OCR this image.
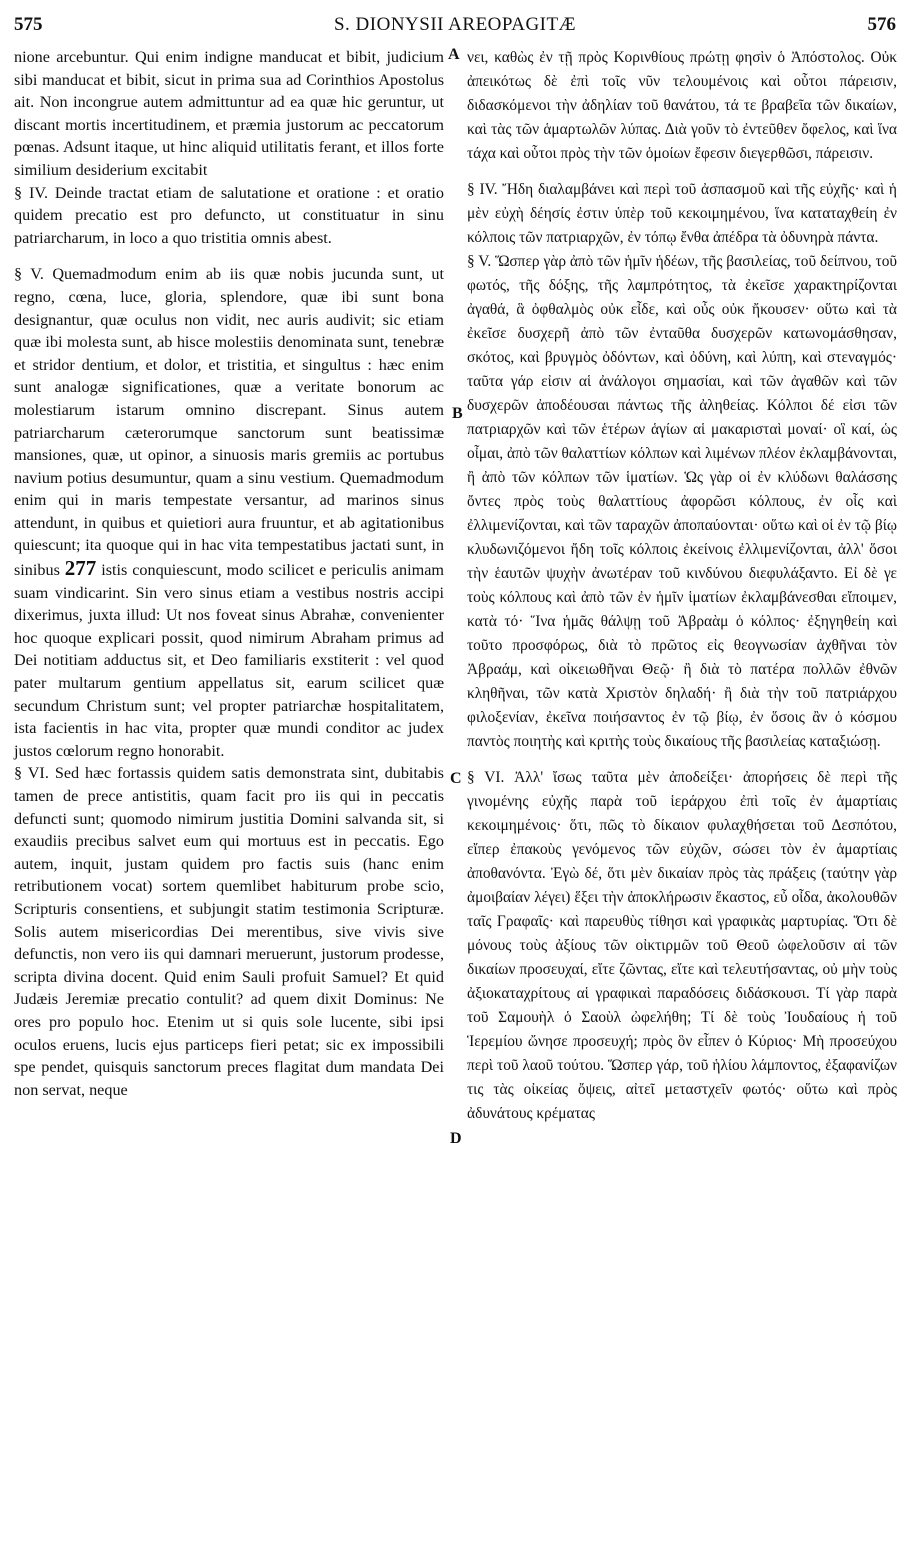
575	S. DIONYSII AREOPAGITÆ	576

nione arcebuntur. Qui enim indigne manducat et bibit, judicium sibi manducat et bibit, sicut in prima sua ad Corinthios Apostolus ait. Non incongrue autem admittuntur ad ea quæ hic geruntur, ut discant mortis incertitudinem, et præmia justorum ac peccatorum pœnas. Adsunt itaque, ut hinc aliquid utilitatis ferant, et illos forte similium desiderium excitabit

§ IV. Deinde tractat etiam de salutatione et oratione : et oratio quidem precatio est pro defuncto, ut constituatur in sinu patriarcharum, in loco a quo tristitia omnis abest.

§ V. Quemadmodum enim ab iis quæ nobis jucunda sunt, ut regno, cœna, luce, gloria, splendore, quæ ibi sunt bona designantur, quæ oculus non vidit, nec auris audivit; sic etiam quæ ibi molesta sunt, ab hisce molestiis denominata sunt, tenebræ et stridor dentium, et dolor, et tristitia, et singultus : hæc enim sunt analogæ significationes, quæ a veritate bonorum ac molestiarum istarum omnino discrepant. Sinus autem patriarcharum cæterorumque sanctorum sunt beatissimæ mansiones, quæ, ut opinor, a sinuosis maris gremiis ac portubus navium potius desumuntur, quam a sinu vestium. Quemadmodum enim qui in maris tempestate versantur, ad marinos sinus attendunt, in quibus et quietiori aura fruuntur, et ab agitationibus quiescunt; ita quoque qui in hac vita tempestatibus jactati sunt, in sinibus 277 istis conquiescunt, modo scilicet e periculis animam suam vindicarint. Sin vero sinus etiam a vestibus nostris accipi dixerimus, juxta illud: Ut nos foveat sinus Abrahæ, convenienter hoc quoque explicari possit, quod nimirum Abraham primus ad Dei notitiam adductus sit, et Deo familiaris exstiterit : vel quod pater multarum gentium appellatus sit, earum scilicet quæ secundum Christum sunt; vel propter patriarchæ hospitalitatem, ista facientis in hac vita, propter quæ mundi conditor ac judex justos cœlorum regno honorabit.

§ VI. Sed hæc fortassis quidem satis demonstrata sint, dubitabis tamen de prece antistitis, quam facit pro iis qui in peccatis defuncti sunt; quomodo nimirum justitia Domini salvanda sit, si exaudiis precibus salvet eum qui mortuus est in peccatis. Ego autem, inquit, justam quidem pro factis suis (hanc enim retributionem vocat) sortem quemlibet habiturum probe scio, Scripturis consentiens, et subjungit statim testimonia Scripturæ. Solis autem misericordias Dei merentibus, sive vivis sive defunctis, non vero iis qui damnari meruerunt, justorum prodesse, scripta divina docent. Quid enim Sauli profuit Samuel? Et quid Judæis Jeremiæ precatio contulit? ad quem dixit Dominus: Ne ores pro populo hoc. Etenim ut si quis sole lucente, sibi ipsi oculos eruens, lucis ejus particeps fieri petat; sic ex impossibili spe pendet, quisquis sanctorum preces flagitat dum mandata Dei non servat, neque

νει, καθὼς ἐν τῇ πρὸς Κορινθίους πρώτῃ φησὶν ὁ Ἀπόστολος. Οὐκ ἀπεικότως δὲ ἐπὶ τοῖς νῦν τελουμένοις καὶ οὗτοι πάρεισιν, διδασκόμενοι τὴν ἀδηλίαν τοῦ θανάτου, τά τε βραβεῖα τῶν δικαίων, καὶ τὰς τῶν ἁμαρτωλῶν λύπας. Διὰ γοῦν τὸ ἐντεῦθεν ὄφελος, καὶ ἵνα τάχα καὶ οὗτοι πρὸς τὴν τῶν ὁμοίων ἔφεσιν διεγερθῶσι, πάρεισιν.

§ IV. Ἤδη διαλαμβάνει καὶ περὶ τοῦ ἀσπασμοῦ καὶ τῆς εὐχῆς· καὶ ἡ μὲν εὐχὴ δέησίς ἐστιν ὑπὲρ τοῦ κεκοιμημένου, ἵνα καταταχθείη ἐν κόλποις τῶν πατριαρχῶν, ἐν τόπῳ ἔνθα ἀπέδρα τὰ ὀδυνηρὰ πάντα.

§ V. Ὥσπερ γὰρ ἀπὸ τῶν ἡμῖν ἡδέων, τῆς βασιλείας, τοῦ δείπνου, τοῦ φωτός, τῆς δόξης, τῆς λαμπρότητος, τὰ ἐκεῖσε χαρακτηρίζονται ἀγαθά, ἃ ὀφθαλμὸς οὐκ εἶδε, καὶ οὖς οὐκ ἤκουσεν· οὕτω καὶ τὰ ἐκεῖσε δυσχερῆ ἀπὸ τῶν ἐνταῦθα δυσχερῶν κατωνομάσθησαν, σκότος, καὶ βρυγμὸς ὀδόντων, καὶ ὀδύνη, καὶ λύπη, καὶ στεναγμός· ταῦτα γάρ εἰσιν αἱ ἀνάλογοι σημασίαι, καὶ τῶν ἀγαθῶν καὶ τῶν δυσχερῶν ἀποδέουσαι πάντως τῆς ἀληθείας. Κόλποι δέ εἰσι τῶν πατριαρχῶν καὶ τῶν ἑτέρων ἁγίων αἱ μακαρισταὶ μοναί· οἳ καί, ὡς οἶμαι, ἀπὸ τῶν θαλαττίων κόλπων καὶ λιμένων πλέον ἐκλαμβάνονται, ἢ ἀπὸ τῶν κόλπων τῶν ἱματίων. Ὡς γὰρ οἱ ἐν κλύδωνι θαλάσσης ὄντες πρὸς τοὺς θαλαττίους ἀφορῶσι κόλπους, ἐν οἷς καὶ ἐλλιμενίζονται, καὶ τῶν ταραχῶν ἀποπαύονται· οὕτω καὶ οἱ ἐν τῷ βίῳ κλυδωνιζόμενοι ἤδη τοῖς κόλποις ἐκείνοις ἐλλιμενίζονται, ἀλλ' ὅσοι τὴν ἑαυτῶν ψυχὴν ἀνωτέραν τοῦ κινδύνου διεφυλάξαντο. Εἰ δὲ γε τοὺς κόλπους καὶ ἀπὸ τῶν ἐν ἡμῖν ἱματίων ἐκλαμβάνεσθαι εἴποιμεν, κατὰ τό· Ἵνα ἡμᾶς θάλψῃ τοῦ Ἀβραὰμ ὁ κόλπος· ἐξηγηθείη καὶ τοῦτο προσφόρως, διὰ τὸ πρῶτος εἰς θεογνωσίαν ἀχθῆναι τὸν Ἀβραάμ, καὶ οἰκειωθῆναι Θεῷ· ἢ διὰ τὸ πατέρα πολλῶν ἐθνῶν κληθῆναι, τῶν κατὰ Χριστὸν δηλαδή· ἢ διὰ τὴν τοῦ πατριάρχου φιλοξενίαν, ἐκεῖνα ποιήσαντος ἐν τῷ βίῳ, ἐν ὅσοις ἂν ὁ κόσμου παντὸς ποιητὴς καὶ κριτὴς τοὺς δικαίους τῆς βασιλείας καταξιώσῃ.

§ VI. Ἀλλ' ἴσως ταῦτα μὲν ἀποδείξει· ἀπορήσεις δὲ περὶ τῆς γινομένης εὐχῆς παρὰ τοῦ ἱεράρχου ἐπὶ τοῖς ἐν ἁμαρτίαις κεκοιμημένοις· ὅτι, πῶς τὸ δίκαιον φυλαχθήσεται τοῦ Δεσπότου, εἴπερ ἐπακοὺς γενόμενος τῶν εὐχῶν, σώσει τὸν ἐν ἁμαρτίαις ἀποθανόντα. Ἐγὼ δέ, ὅτι μὲν δικαίαν πρὸς τὰς πράξεις (ταύτην γὰρ ἀμοιβαίαν λέγει) ἕξει τὴν ἀποκλήρωσιν ἕκαστος, εὖ οἶδα, ἀκολουθῶν ταῖς Γραφαῖς· καὶ παρευθὺς τίθησι καὶ γραφικὰς μαρτυρίας. Ὅτι δὲ μόνους τοὺς ἀξίους τῶν οἰκτιρμῶν τοῦ Θεοῦ ὠφελοῦσιν αἱ τῶν δικαίων προσευχαί, εἴτε ζῶντας, εἴτε καὶ τελευτήσαντας, οὐ μὴν τοὺς ἀξιοκαταχρίτους αἱ γραφικαὶ παραδόσεις διδάσκουσι. Τί γὰρ παρὰ τοῦ Σαμουὴλ ὁ Σαοὺλ ὠφελήθη; Τί δὲ τοὺς Ἰουδαίους ἡ τοῦ Ἱερεμίου ὤνησε προσευχή; πρὸς ὃν εἶπεν ὁ Κύριος· Μὴ προσεύχου περὶ τοῦ λαοῦ τούτου. Ὥσπερ γάρ, τοῦ ἡλίου λάμποντος, ἐξαφανίζων τις τὰς οἰκείας ὄψεις, αἰτεῖ μεταστχεῖν φωτός· οὕτω καὶ πρὸς ἀδυνάτους κρέματας

A
B
C
D
